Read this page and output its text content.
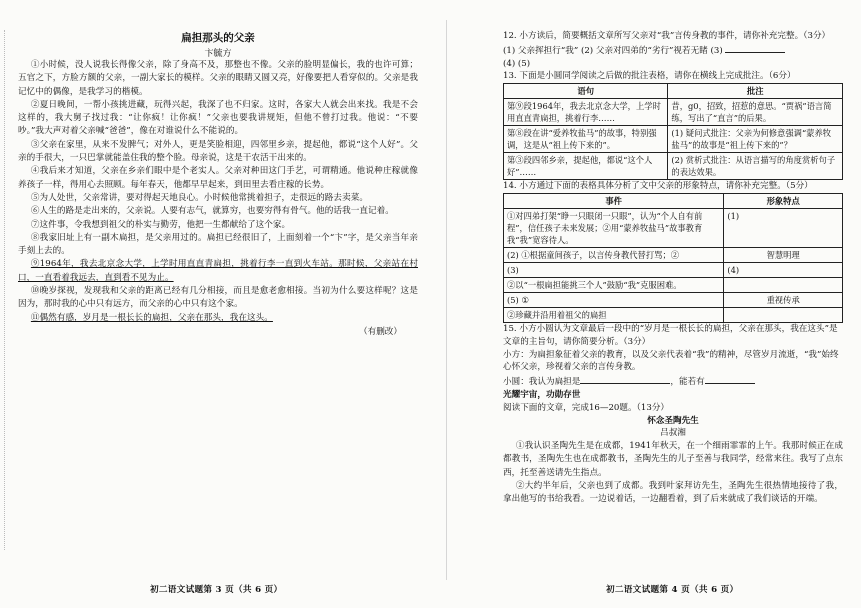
扁担那头的父亲
卞毓方

①小时候，没人说我长得像父亲，除了身高不及，那整也不像。父亲的脸明显偏长，我的也许可算；五官之下，方脸方额的父亲，一副大家长的模样。父亲的眼睛又圆又亮，好像要把人看穿似的。父亲是我记忆中的偶像，是我学习的楷模。

②夏日晚间，一帮小孩挑进藏，玩得兴起，我深了也不归家。这时，各家大人就会出来找。我是不会这样的，我大舅子找过我：“让你疯！让你疯！”父亲也要我讲规矩，但他不曾打过我。他说：“不要吵。”我大声对着父亲喊“爸爸”，像在对谁说什么不能说的。

③父亲在家里，从来不发脾气；对外人，更是笑脸相迎，四邻里乡亲，提起他，都说“这个人好”。父亲的手很大，一只巴掌就能盖住我的整个脸。母亲说，这是干农活干出来的。

④我后来才知道，父亲在乡亲们眼中是个老实人。父亲对种田这门手艺，可谓精通。他说种庄稼就像养孩子一样，得用心去照顾。每年春天，他都早早起来，到田里去看庄稼的长势。

⑤为人处世，父亲常讲，要对得起天地良心。小时候他常挑着担子，走很远的路去卖菜。

⑥人生的路是走出来的，父亲说。人要有志气，就算穷，也要穷得有骨气。他的话我一直记着。

⑦这件事，令我想到祖父的朴实与勤劳，他把一生都献给了这个家。

⑧我家旧址上有一副木扁担，是父亲用过的。扁担已经很旧了，上面刻着一个“卞”字，是父亲当年亲手刻上去的。

⑨1964年，我去北京念大学，上学时用直直青扁担，挑着行李一直到火车站。那时候，父亲站在村口，一直看着我远去，直到看不见为止。

⑩晚岁探视，发现我和父亲的距离已经有几分相接，而且是愈老愈相接。当初为什么要这样呢？这是因为，那时我的心中只有远方，而父亲的心中只有这个家。

⑪偶然有感，岁月是一根长长的扁担，父亲在那头，我在这头。

（有删改）
初二语文试题第 3 页（共 6 页）

12. 小方读后，简要概括文章所写父亲对“我”言传身教的事件，请你补充完整。（3分）

(1) 父亲挥担行“我” (2) 父亲对四弟的“劣行”视若无睹 (3)

(4) (5)

13. 下面是小圆同学阅读之后做的批注表格，请你在横线上完成批注。（6分）

语句	批注
第⑨段1964年，我去北京念大学，上学时用直直青扁担，挑着行李……	昔，g0，招致，招惹的意思。“贾祸”语言简练，写出了“直言”的后果。
第⑧段在讲“爱养牧盐马”的故事，特别强调，这是从“祖上传下来的”。	(1) 疑问式批注：父亲为何修意强调“蒙养牧盐马”的故事是“祖上传下来的”？
第③段四邻乡亲，提起他，都说“这个人好”……	(2) 赏析式批注：从语言描写的角度赏析句子的表达效果。

14. 小方通过下面的表格具体分析了文中父亲的形象特点，请你补充完整。（5分）

事件	形象特点
①对四弟打架“睁一只眼闭一只眼”，认为“个人自有前程”，信任孩子未来发展；②用“蒙养牧盐马”故事教育我“我”宽容待人。	(1)
(2) ①根据童间孩子，以言传身教代替打骂；②	智慧明理
(3)	(4)
②以“一根扁担能挑三个人”鼓励“我”克服困难。	
(5) ①	重视传承
②珍藏并沿用着祖父的扁担	

15. 小方小圆认为文章最后一段中的“岁月是一根长长的扁担，父亲在那头，我在这头”是文章的主旨句，请你简要分析。（3分）

小方：为扁担象征着父亲的教育，以及父亲代表着“我”的精神，尽管岁月流逝，“我”始终心怀父亲，珍视着父亲的言传身教。

小圆：我认为扁担是	，能若有

光耀宇宙，功勋存世

阅读下面的文章，完成16—20题。（13分）

怀念圣陶先生

吕叔湘

①我认识圣陶先生是在成都，1941年秋天，在一个细雨霏霏的上午。我那时候正在成都教书，圣陶先生也在成都教书，圣陶先生的儿子至善与我同学，经常来往。我写了点东西，托至善送请先生指点。

②大约半年后，父亲也到了成都。我到叶家拜访先生，圣陶先生很热情地接待了我，拿出他写的书给我看。一边说着话，一边翻看着，到了后来就成了我们谈话的开端。

初二语文试题第 4 页（共 6 页）
